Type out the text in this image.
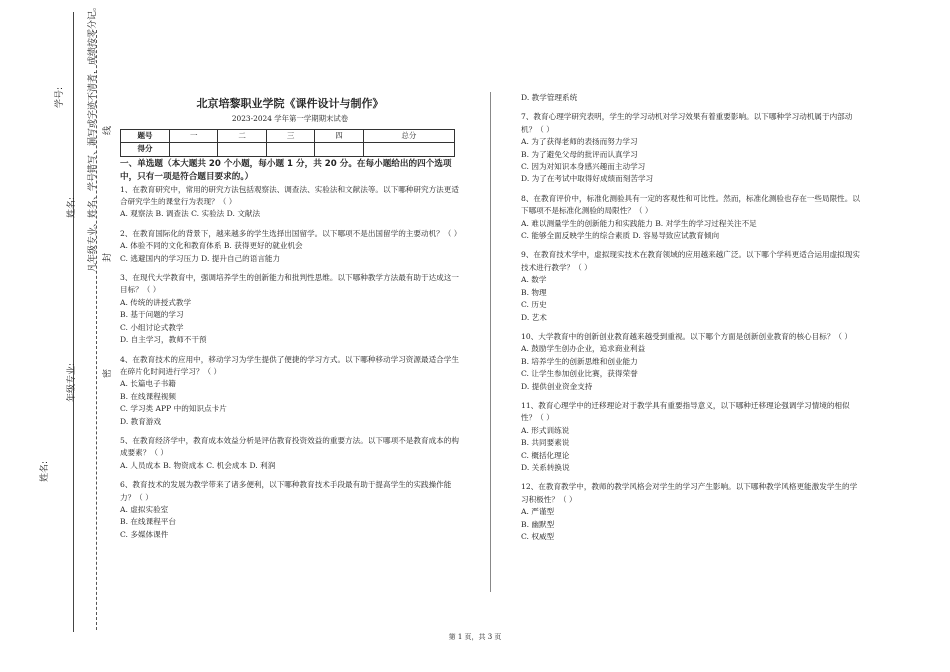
学号:
线
姓名:	凡年级专业、姓名、学号错写、漏写或字迹不清者，成绩按零分记。 封
年级专业:	密
姓名:
北京培黎职业学院《课件设计与制作》
2023-2024 学年第一学期期末试卷
题号	一	二	三	四	总分
得分					
一、单选题（本大题共 20 个小题，每小题 1 分，共 20 分。在每小题给出的四个选项中，只有一项是符合题目要求的。）
1、在教育研究中，常用的研究方法包括观察法、调查法、实验法和文献法等。以下哪种研究方法更适合研究学生的课堂行为表现？（ ）
A. 观察法 B. 调查法 C. 实验法 D. 文献法
2、在教育国际化的背景下，越来越多的学生选择出国留学。以下哪项不是出国留学的主要动机？（ ）
A. 体验不同的文化和教育体系 B. 获得更好的就业机会
C. 逃避国内的学习压力 D. 提升自己的语言能力
3、在现代大学教育中，强调培养学生的创新能力和批判性思维。以下哪种教学方法最有助于达成这一目标？（ ）
A. 传统的讲授式教学
B. 基于问题的学习
C. 小组讨论式教学
D. 自主学习，教师不干预
4、在教育技术的应用中，移动学习为学生提供了便捷的学习方式。以下哪种移动学习资源最适合学生在碎片化时间进行学习？（ ）
A. 长篇电子书籍
B. 在线课程视频
C. 学习类 APP 中的知识点卡片
D. 教育游戏
5、在教育经济学中，教育成本效益分析是评估教育投资效益的重要方法。以下哪项不是教育成本的构成要素？（ ）
A. 人员成本 B. 物资成本 C. 机会成本 D. 利润
6、教育技术的发展为教学带来了诸多便利，以下哪种教育技术手段最有助于提高学生的实践操作能力？（ ）
A. 虚拟实验室
B. 在线课程平台
C. 多媒体课件
D. 教学管理系统
7、教育心理学研究表明，学生的学习动机对学习效果有着重要影响。以下哪种学习动机属于内部动机？（ ）
A. 为了获得老师的表扬而努力学习
B. 为了避免父母的批评而认真学习
C. 因为对知识本身感兴趣而主动学习
D. 为了在考试中取得好成绩而刻苦学习
8、在教育评价中，标准化测验具有一定的客观性和可比性。然而，标准化测验也存在一些局限性。以下哪项不是标准化测验的局限性？（ ）
A. 难以测量学生的创新能力和实践能力 B. 对学生的学习过程关注不足
C. 能够全面反映学生的综合素质 D. 容易导致应试教育倾向
9、在教育技术学中，虚拟现实技术在教育领域的应用越来越广泛。以下哪个学科更适合运用虚拟现实技术进行教学？（ ）
A. 数学
B. 物理
C. 历史
D. 艺术
10、大学教育中的创新创业教育越来越受到重视。以下哪个方面是创新创业教育的核心目标？（ ）
A. 鼓励学生创办企业，追求商业利益
B. 培养学生的创新思维和创业能力
C. 让学生参加创业比赛，获得荣誉
D. 提供创业资金支持
11、教育心理学中的迁移理论对于教学具有重要指导意义，以下哪种迁移理论强调学习情境的相似性？（ ）
A. 形式训练说
B. 共同要素说
C. 概括化理论
D. 关系转换说
12、在教育教学中，教师的教学风格会对学生的学习产生影响。以下哪种教学风格更能激发学生的学习积极性？（ ）
A. 严谨型
B. 幽默型
C. 权威型
第 1 页，共 3 页
